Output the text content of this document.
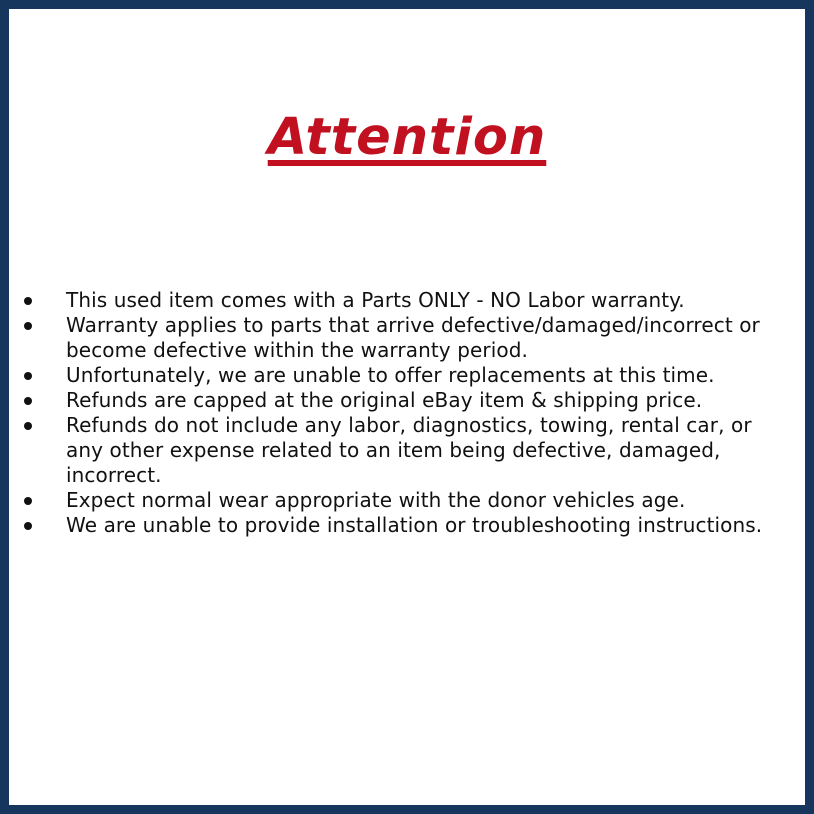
Attention
This used item comes with a Parts ONLY - NO Labor warranty.
Warranty applies to parts that arrive defective/damaged/incorrect or become defective within the warranty period.
Unfortunately, we are unable to offer replacements at this time.
Refunds are capped at the original eBay item & shipping price.
Refunds do not include any labor, diagnostics, towing, rental car, or any other expense related to an item being defective, damaged, incorrect.
Expect normal wear appropriate with the donor vehicles age.
We are unable to provide installation or troubleshooting instructions.
